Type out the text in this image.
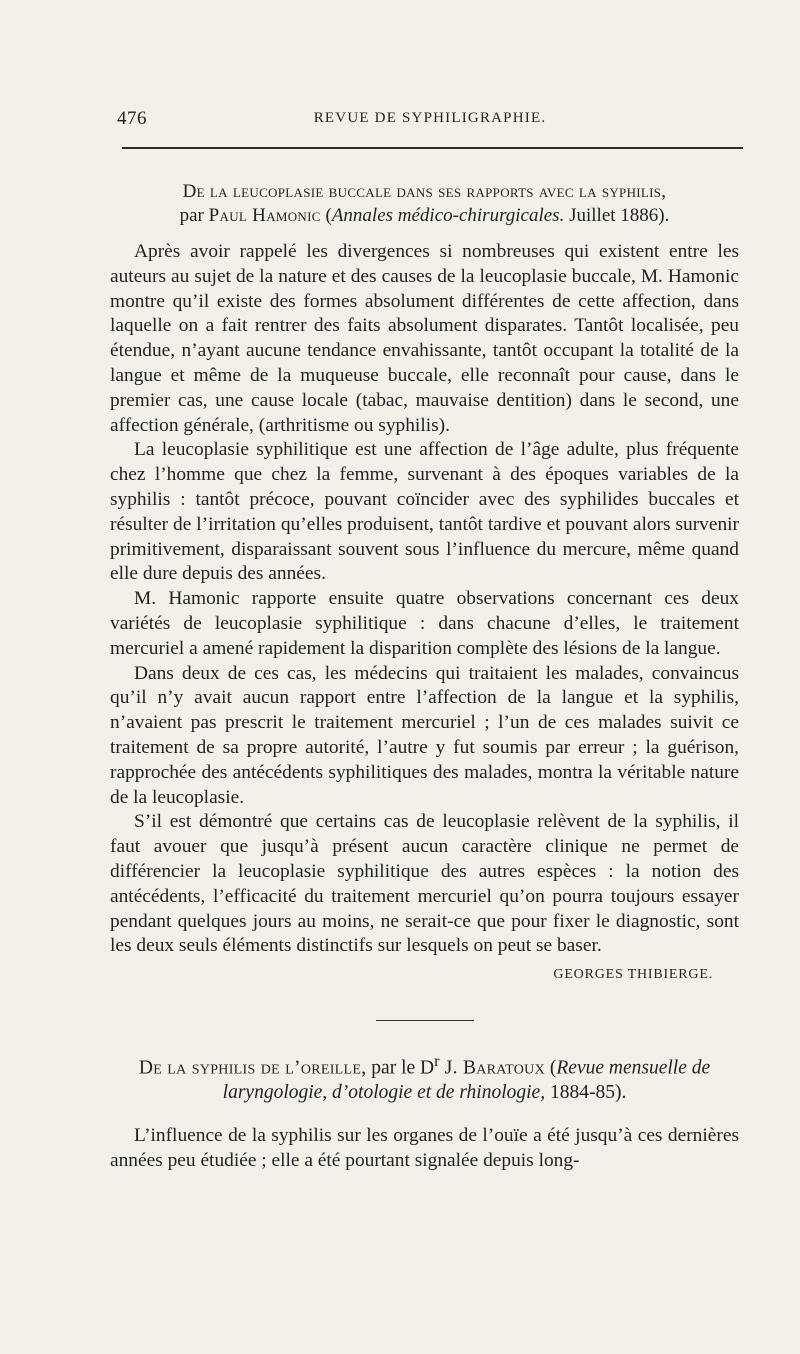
476	REVUE DE SYPHILIGRAPHIE.
De la leucoplasie buccale dans ses rapports avec la syphilis,
par Paul Hamonic (Annales médico-chirurgicales. Juillet 1886).

Après avoir rappelé les divergences si nombreuses qui existent entre les auteurs au sujet de la nature et des causes de la leucoplasie buccale, M. Hamonic montre qu’il existe des formes absolument différentes de cette affection, dans laquelle on a fait rentrer des faits absolument disparates. Tantôt localisée, peu étendue, n’ayant aucune tendance envahissante, tantôt occupant la totalité de la langue et même de la muqueuse buccale, elle reconnaît pour cause, dans le premier cas, une cause locale (tabac, mauvaise dentition) dans le second, une affection générale, (arthritisme ou syphilis).

La leucoplasie syphilitique est une affection de l’âge adulte, plus fréquente chez l’homme que chez la femme, survenant à des époques variables de la syphilis : tantôt précoce, pouvant coïncider avec des syphilides buccales et résulter de l’irritation qu’elles produisent, tantôt tardive et pouvant alors survenir primitivement, disparaissant souvent sous l’influence du mercure, même quand elle dure depuis des années.

M. Hamonic rapporte ensuite quatre observations concernant ces deux variétés de leucoplasie syphilitique : dans chacune d’elles, le traitement mercuriel a amené rapidement la disparition complète des lésions de la langue.

Dans deux de ces cas, les médecins qui traitaient les malades, convaincus qu’il n’y avait aucun rapport entre l’affection de la langue et la syphilis, n’avaient pas prescrit le traitement mercuriel ; l’un de ces malades suivit ce traitement de sa propre autorité, l’autre y fut soumis par erreur ; la guérison, rapprochée des antécédents syphilitiques des malades, montra la véritable nature de la leucoplasie.

S’il est démontré que certains cas de leucoplasie relèvent de la syphilis, il faut avouer que jusqu’à présent aucun caractère clinique ne permet de différencier la leucoplasie syphilitique des autres espèces : la notion des antécédents, l’efficacité du traitement mercuriel qu’on pourra toujours essayer pendant quelques jours au moins, ne serait-ce que pour fixer le diagnostic, sont les deux seuls éléments distinctifs sur lesquels on peut se baser.
GEORGES THIBIERGE.

De la syphilis de l’oreille, par le $D^r$ J. Baratoux (Revue mensuelle de laryngologie, d’otologie et de rhinologie, 1884-85).

L’influence de la syphilis sur les organes de l’ouïe a été jusqu’à ces dernières années peu étudiée ; elle a été pourtant signalée depuis long-
